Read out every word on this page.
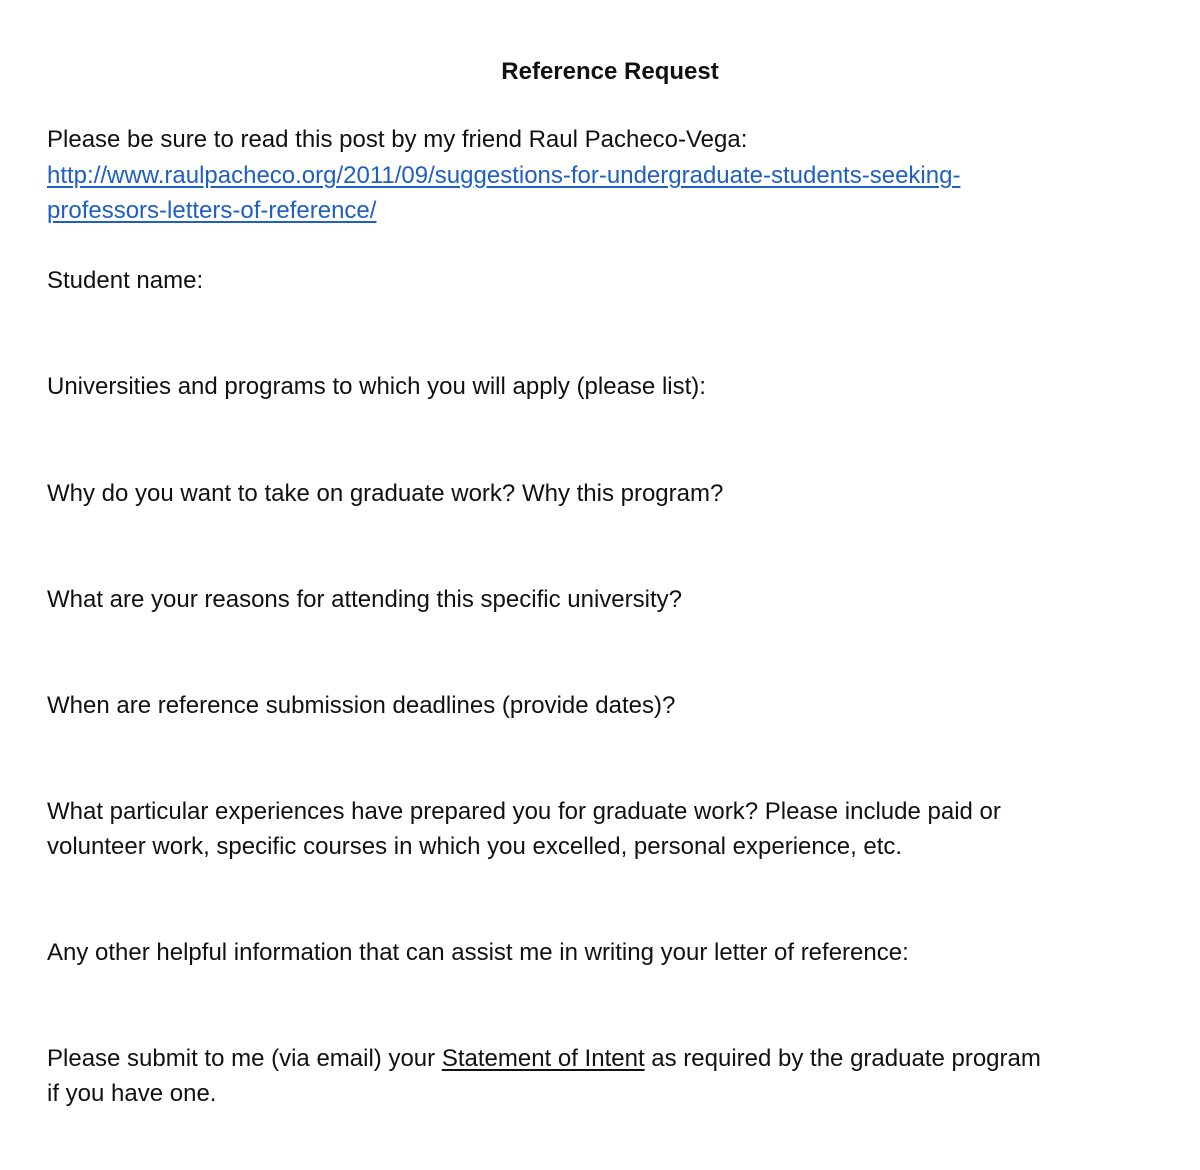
Reference Request
Please be sure to read this post by my friend Raul Pacheco-Vega:
http://www.raulpacheco.org/2011/09/suggestions-for-undergraduate-students-seeking-
professors-letters-of-reference/
Student name:
Universities and programs to which you will apply (please list):
Why do you want to take on graduate work? Why this program?
What are your reasons for attending this specific university?
When are reference submission deadlines (provide dates)?
What particular experiences have prepared you for graduate work? Please include paid or
volunteer work, specific courses in which you excelled, personal experience, etc.
Any other helpful information that can assist me in writing your letter of reference:
Please submit to me (via email) your Statement of Intent as required by the graduate program
if you have one.
